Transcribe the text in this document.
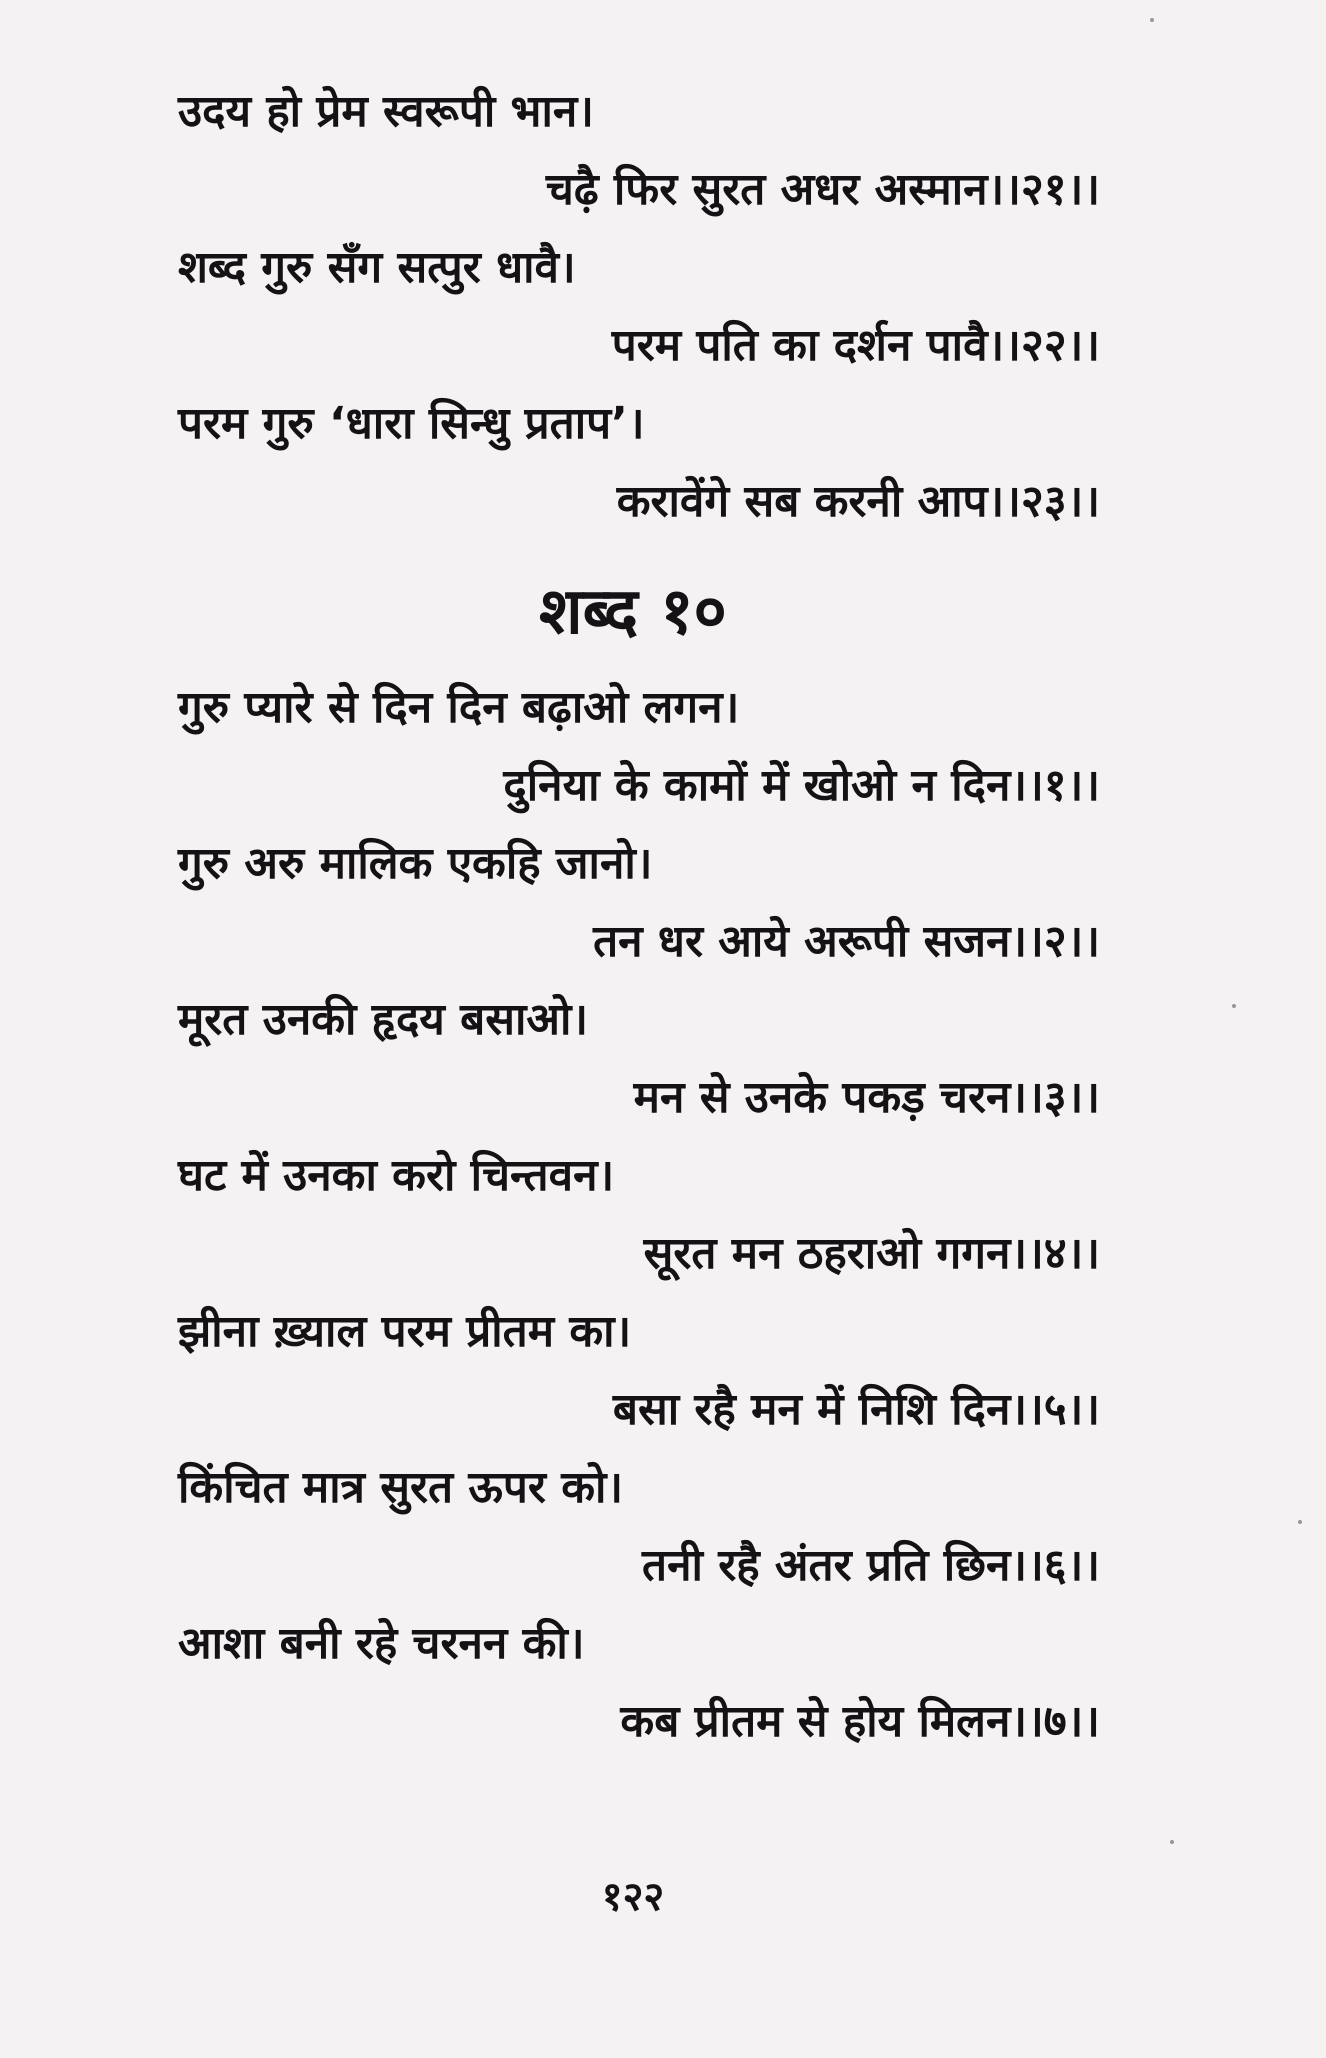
उदय हो प्रेम स्वरूपी भान।
चढ़ै फिर सुरत अधर अस्मान।।२१।।
शब्द गुरु सँग सत्पुर धावै।
परम पति का दर्शन पावै।।२२।।
परम गुरु ‘धारा सिन्धु प्रताप’।
करावेंगे सब करनी आप।।२३।।
शब्द १०
गुरु प्यारे से दिन दिन बढ़ाओ लगन।
दुनिया के कामों में खोओ न दिन।।१।।
गुरु अरु मालिक एकहि जानो।
तन धर आये अरूपी सजन।।२।।
मूरत उनकी हृदय बसाओ।
मन से उनके पकड़ चरन।।३।।
घट में उनका करो चिन्तवन।
सूरत मन ठहराओ गगन।।४।।
झीना ख़्याल परम प्रीतम का।
बसा रहै मन में निशि दिन।।५।।
किंचित मात्र सुरत ऊपर को।
तनी रहै अंतर प्रति छिन।।६।।
आशा बनी रहे चरनन की।
कब प्रीतम से होय मिलन।।७।।
१२२
